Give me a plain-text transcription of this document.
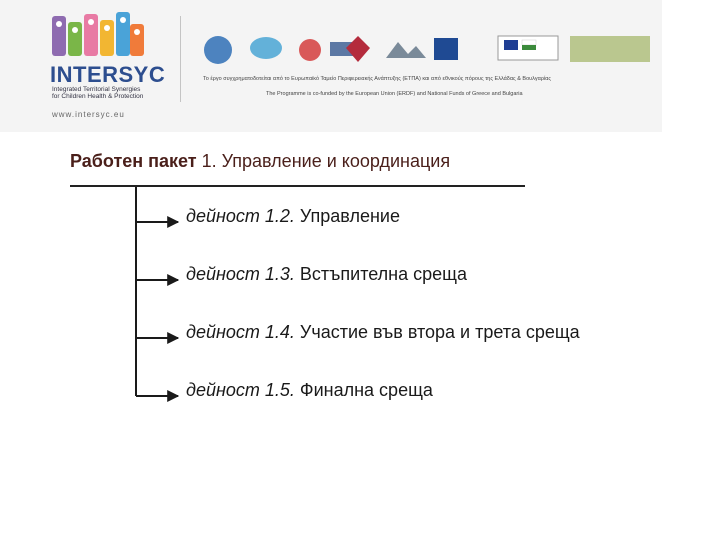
INTERSYC
Integrated Territorial Synergies
for Children Health & Protection
www.intersyc.eu
Το έργο συγχρηματοδοτείται από το Ευρωπαϊκό Ταμείο Περιφερειακής Ανάπτυξης (ΕΤΠΑ) και από εθνικούς πόρους της Ελλάδας & Βουλγαρίας
The Programme is co-funded by the European Union (ERDF) and National Funds of Greece and Bulgaria
Работен пакет 1. Управление и координация
дейност 1.2. Управление
дейност 1.3. Встъпителна среща
дейност 1.4. Участие във втора и трета среща
дейност 1.5. Финална среща
